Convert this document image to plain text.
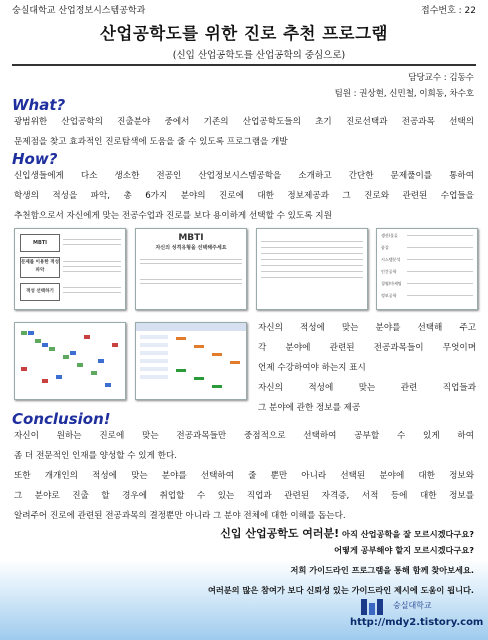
숭실대학교 산업정보시스템공학과	접수번호 : 22
산업공학도를 위한 진로 추천 프로그램
(신입 산업공학도를 산업공학의 중심으로)
담당교수 : 김동수
팀원 : 권상현, 신민철, 이희동, 차수호
What?
광범위한 산업공학의 진출분야 중에서 기존의 산업공학도들의 초기 진로선택과 전공과목 선택의
문제점을 찾고 효과적인 진로탐색에 도움을 줄 수 있도록 프로그램을 개발
How?
신입생들에게 다소 생소한 전공인 산업정보시스템공학을 소개하고 간단한 문제풀이를 통하여
학생의 적성을 파악, 총 6가지 분야의 진로에 대한 정보제공과 그 진로와 관련된 수업들을
추천함으로서 자신에게 맞는 전공수업과 진로를 보다 용이하게 선택할 수 있도록 지원
MBTI
문제를 이용한 적성 파악
적성 선택하기
MBTI
자신의 성격유형을 선택해주세요
생산/물류
품질
시스템분석
인간공학
경영/마케팅
정보공학
자신의 적성에 맞는 분야를 선택해 주고
각 분야에 관련된 전공과목들이 무엇이며
언제 수강하여야 하는지 표시
자신의 적성에 맞는 관련 직업들과
그 분야에 관한 정보를 제공
Conclusion!
자신이 원하는 진로에 맞는 전공과목들만 중점적으로 선택하여 공부할 수 있게 하여
좀 더 전문적인 인재를 양성할 수 있게 한다.
또한 개개인의 적성에 맞는 분야를 선택하여 줄 뿐만 아니라 선택된 분야에 대한 정보와
그 분야로 진출 할 경우에 취업할 수 있는 직업과 관련된 자격증, 서적 등에 대한 정보를
알려주어 진로에 관련된 전공과목의 결정뿐만 아니라 그 분야 전체에 대한 이해를 돕는다.
신입 산업공학도 여러분! 아직 산업공학을 잘 모르시겠다구요?
어떻게 공부해야 할지 모르시겠다구요?
저희 가이드라인 프로그램을 통해 함께 찾아보세요.
여러분의 많은 참여가 보다 신뢰성 있는 가이드라인 제시에 도움이 됩니다.
숭실대학교
http://mdy2.tistory.com
